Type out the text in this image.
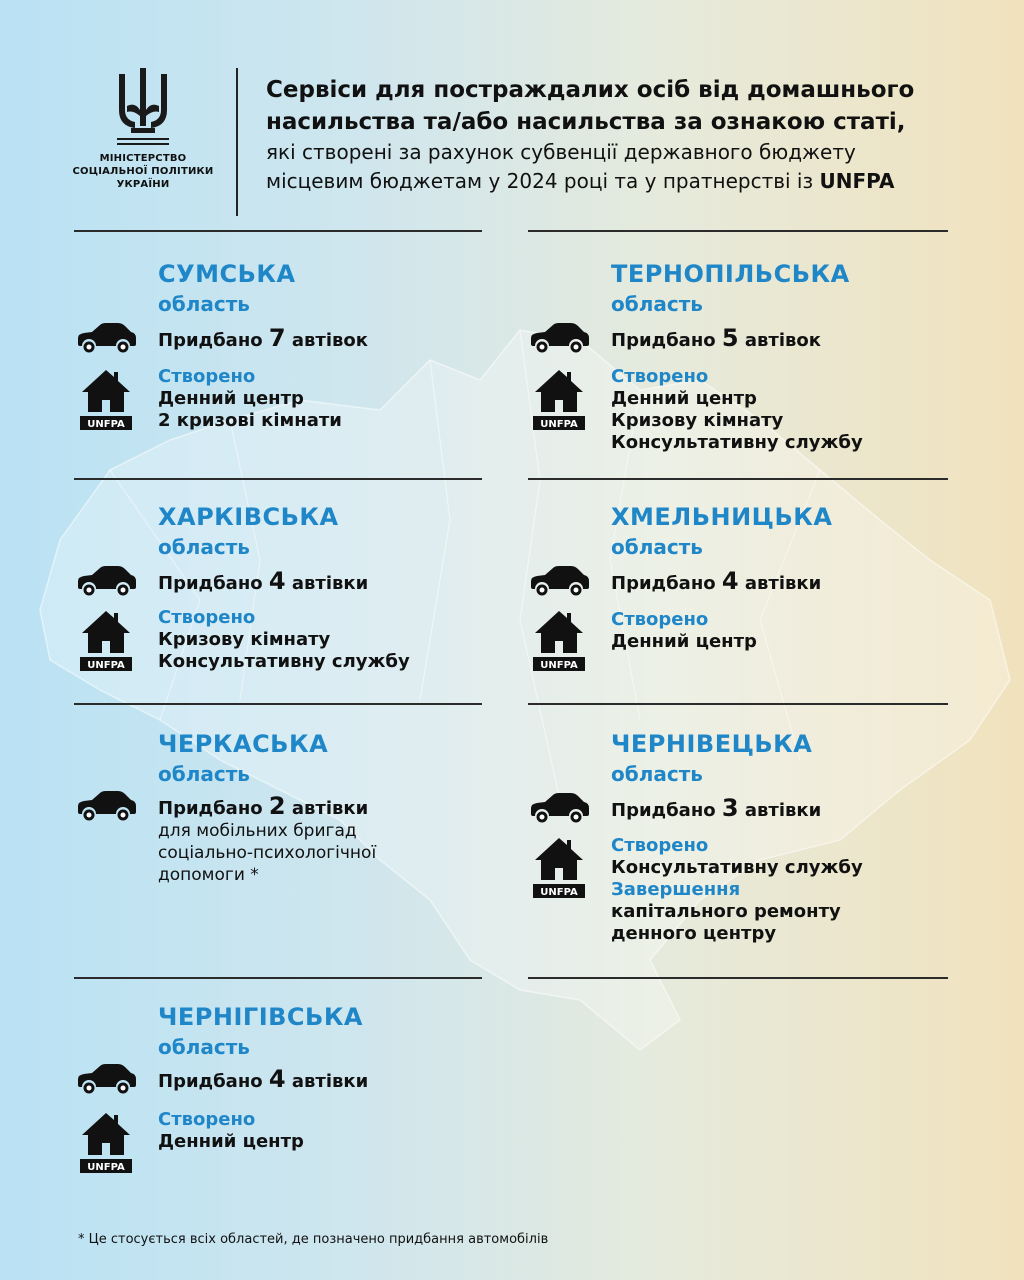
МІНІСТЕРСТВО
СОЦІАЛЬНОЇ ПОЛІТИКИ
УКРАЇНИ
Сервіси для постраждалих осіб від домашнього
насильства та/або насильства за ознакою статі,
які створені за рахунок субвенції державного бюджету
місцевим бюджетам у 2024 році та у пратнерстві із UNFPA
СУМСЬКА
область
Придбано 7 автівок
UNFPA
Створено
Денний центр
2 кризові кімнати
ТЕРНОПІЛЬСЬКА
область
Придбано 5 автівок
UNFPA
Створено
Денний центр
Кризову кімнату
Консультативну службу
ХАРКІВСЬКА
область
Придбано 4 автівки
UNFPA
Створено
Кризову кімнату
Консультативну службу
ХМЕЛЬНИЦЬКА
область
Придбано 4 автівки
UNFPA
Створено
Денний центр
ЧЕРКАСЬКА
область
Придбано 2 автівки
для мобільних бригад
соціально-психологічної
допомоги *
ЧЕРНІВЕЦЬКА
область
Придбано 3 автівки
UNFPA
Створено
Консультативну службу
Завершення
капітального ремонту
денного центру
ЧЕРНІГІВСЬКА
область
Придбано 4 автівки
UNFPA
Створено
Денний центр
* Це стосується всіх областей, де позначено придбання автомобілів
